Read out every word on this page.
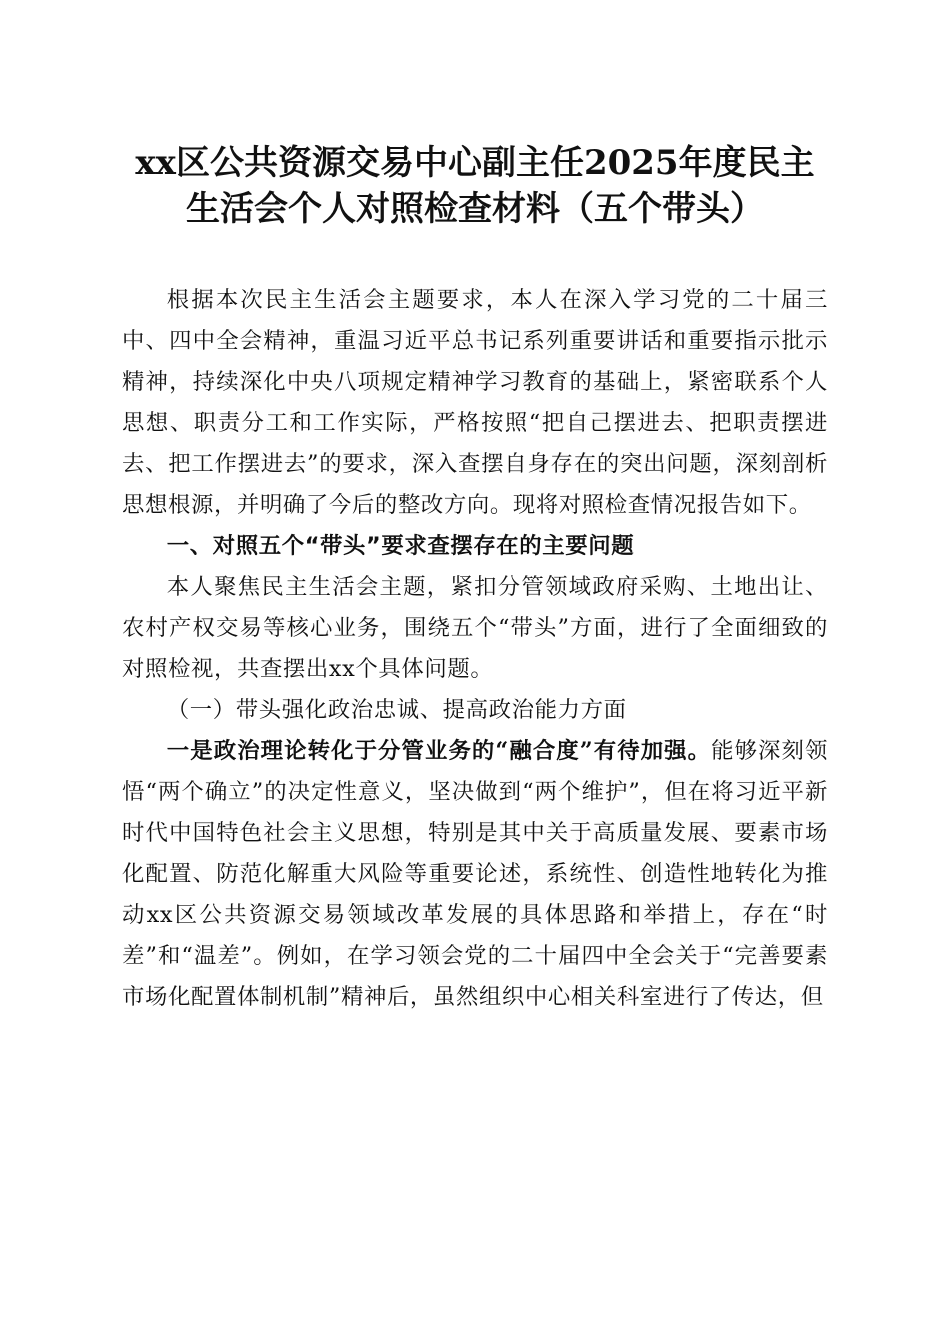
xx区公共资源交易中心副主任2025年度民主
生活会个人对照检查材料（五个带头）

根据本次民主生活会主题要求，本人在深入学习党的二十届三中、四中全会精神，重温习近平总书记系列重要讲话和重要指示批示精神，持续深化中央八项规定精神学习教育的基础上，紧密联系个人思想、职责分工和工作实际，严格按照“把自己摆进去、把职责摆进去、把工作摆进去”的要求，深入查摆自身存在的突出问题，深刻剖析思想根源，并明确了今后的整改方向。现将对照检查情况报告如下。

一、对照五个“带头”要求查摆存在的主要问题

本人聚焦民主生活会主题，紧扣分管领域政府采购、土地出让、农村产权交易等核心业务，围绕五个“带头”方面，进行了全面细致的对照检视，共查摆出xx个具体问题。

（一）带头强化政治忠诚、提高政治能力方面

一是政治理论转化于分管业务的“融合度”有待加强。能够深刻领悟“两个确立”的决定性意义，坚决做到“两个维护”，但在将习近平新时代中国特色社会主义思想，特别是其中关于高质量发展、要素市场化配置、防范化解重大风险等重要论述，系统性、创造性地转化为推动xx区公共资源交易领域改革发展的具体思路和举措上，存在“时差”和“温差”。例如，在学习领会党的二十届四中全会关于“完善要素市场化配置体制机制”精神后，虽然组织中心相关科室进行了传达，但
